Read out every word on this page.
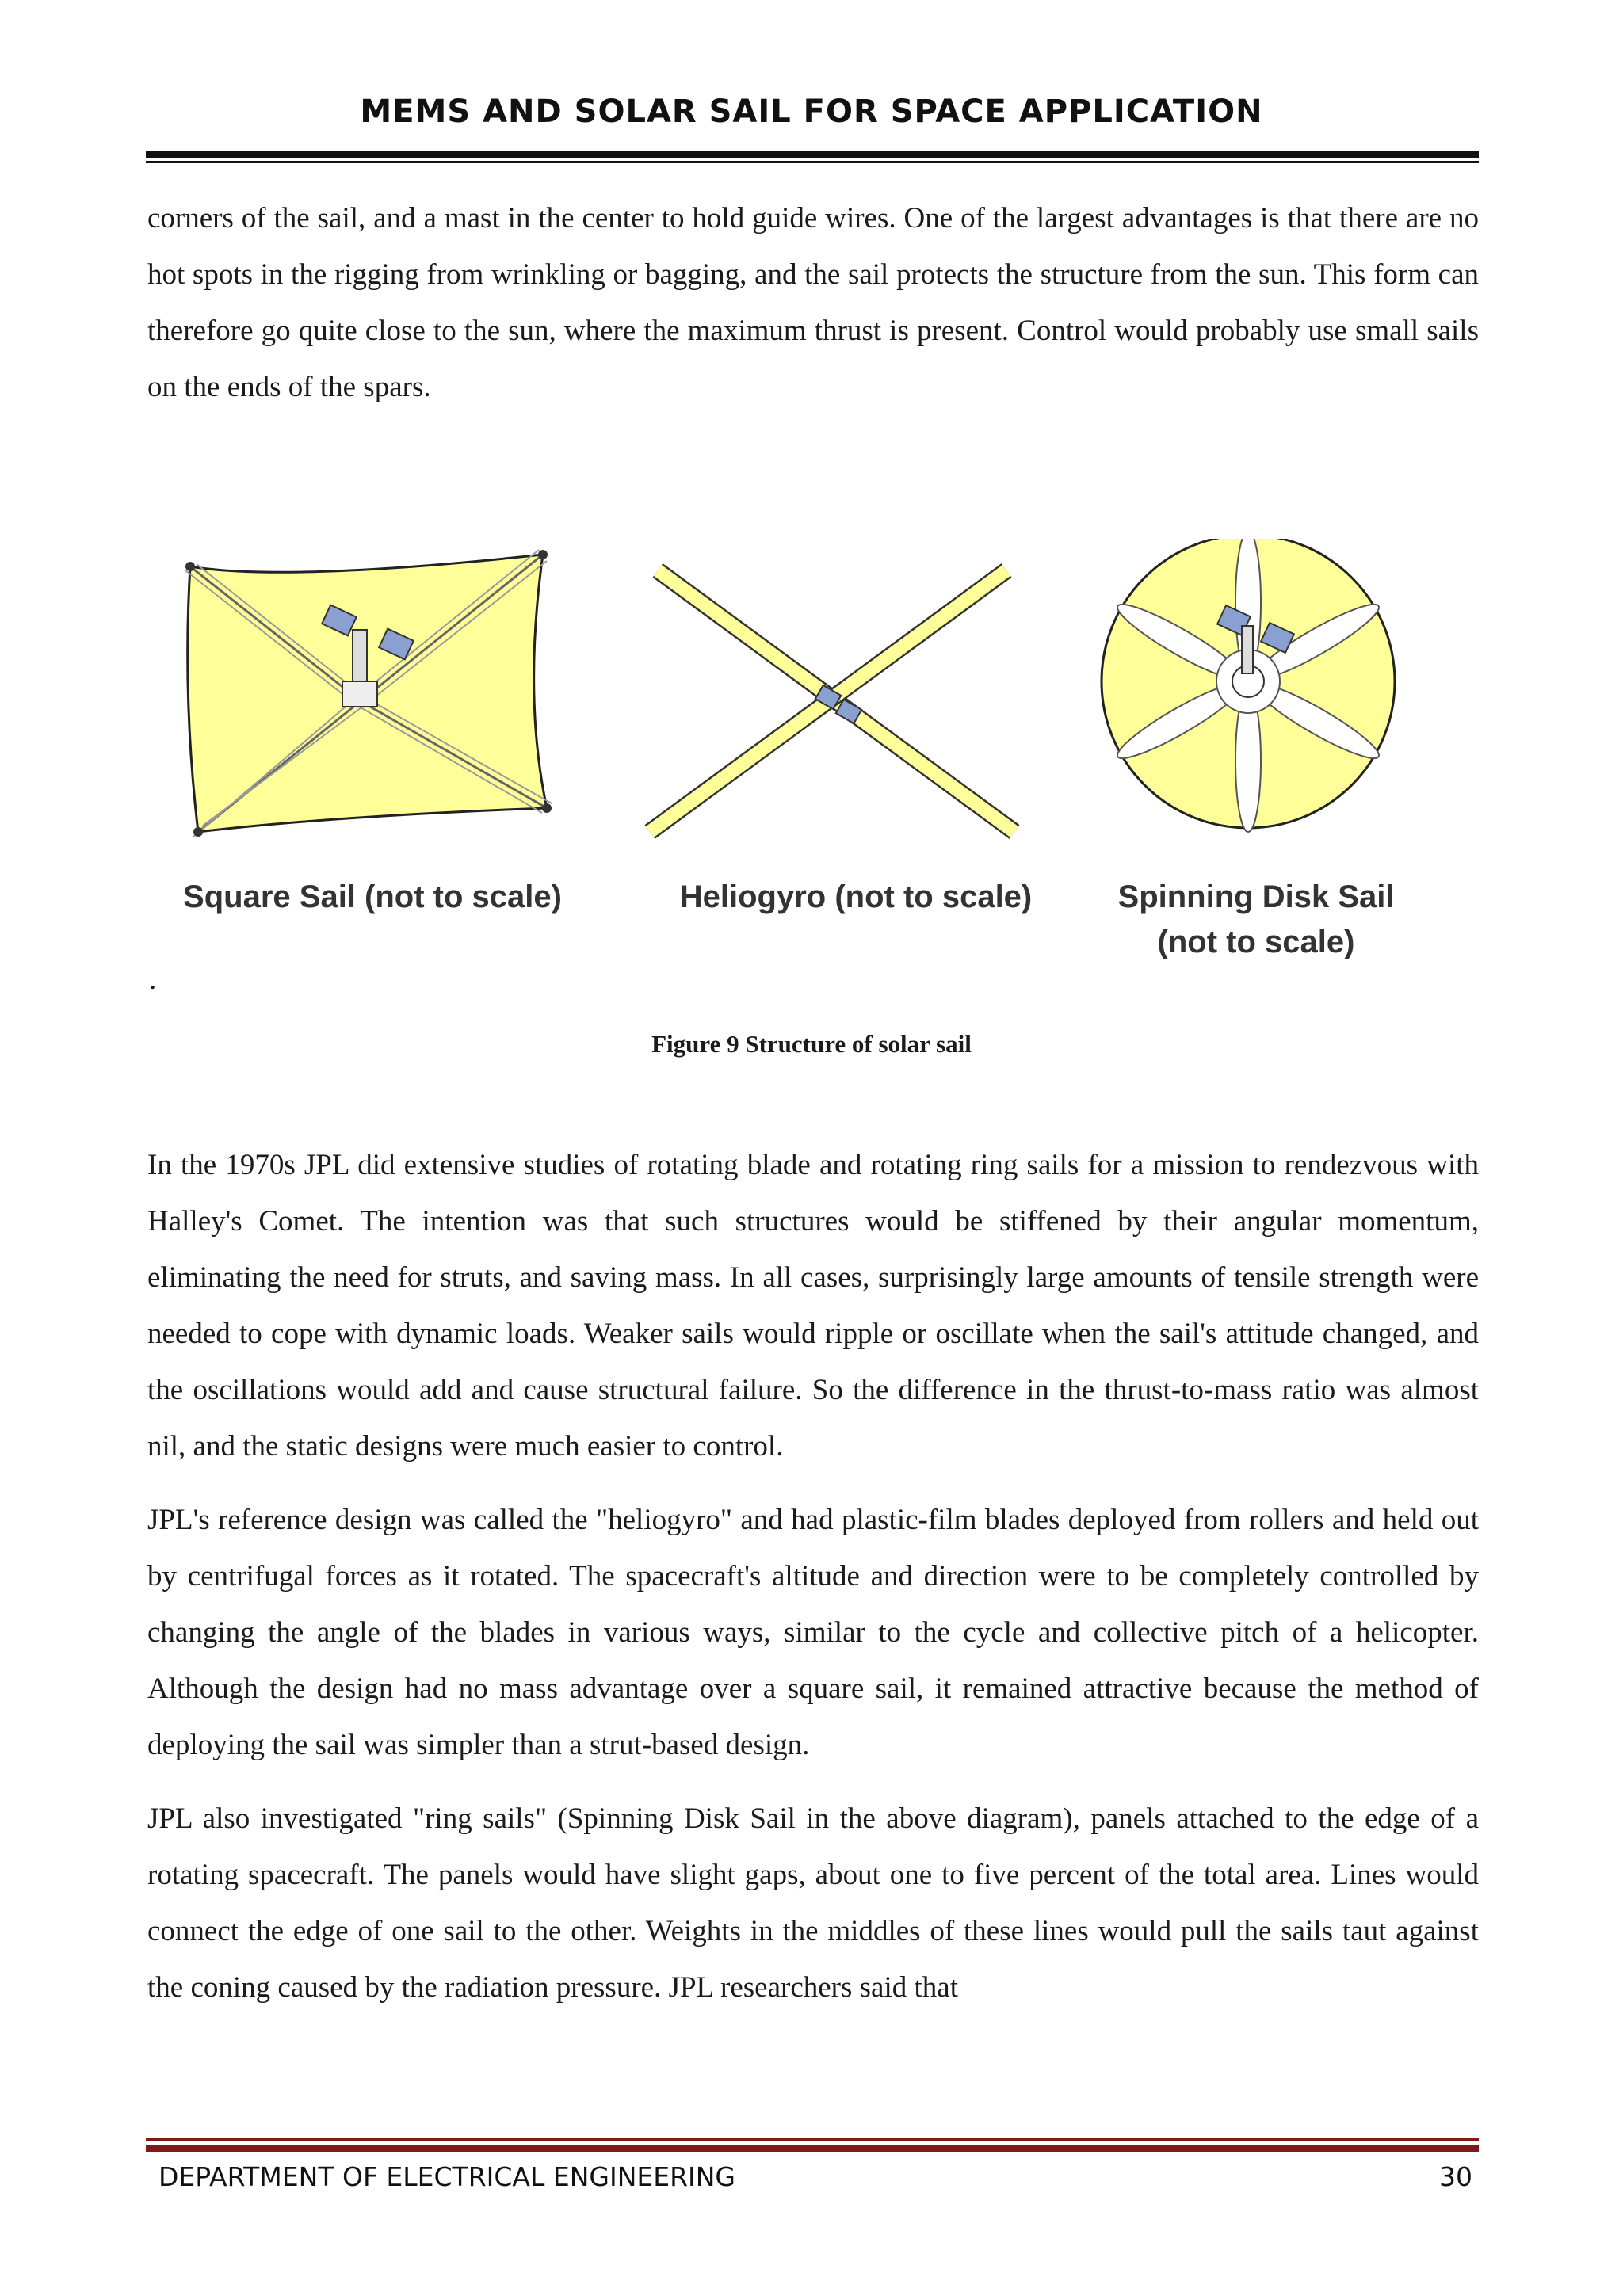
MEMS AND SOLAR SAIL FOR SPACE APPLICATION

corners of the sail, and a mast in the center to hold guide wires. One of the largest advantages is that there are no hot spots in the rigging from wrinkling or bagging, and the sail protects the structure from the sun. This form can therefore go quite close to the sun, where the maximum thrust is present. Control would probably use small sails on the ends of the spars.

Square Sail (not to scale)	Heliogyro (not to scale)	Spinning Disk Sail
(not to scale)
.
Figure 9 Structure of solar sail

In the 1970s JPL did extensive studies of rotating blade and rotating ring sails for a mission to rendezvous with Halley's Comet. The intention was that such structures would be stiffened by their angular momentum, eliminating the need for struts, and saving mass. In all cases, surprisingly large amounts of tensile strength were needed to cope with dynamic loads. Weaker sails would ripple or oscillate when the sail's attitude changed, and the oscillations would add and cause structural failure. So the difference in the thrust-to-mass ratio was almost nil, and the static designs were much easier to control.

JPL's reference design was called the "heliogyro" and had plastic-film blades deployed from rollers and held out by centrifugal forces as it rotated. The spacecraft's altitude and direction were to be completely controlled by changing the angle of the blades in various ways, similar to the cycle and collective pitch of a helicopter. Although the design had no mass advantage over a square sail, it remained attractive because the method of deploying the sail was simpler than a strut-based design.

JPL also investigated "ring sails" (Spinning Disk Sail in the above diagram), panels attached to the edge of a rotating spacecraft. The panels would have slight gaps, about one to five percent of the total area. Lines would connect the edge of one sail to the other. Weights in the middles of these lines would pull the sails taut against the coning caused by the radiation pressure. JPL researchers said that

DEPARTMENT OF ELECTRICAL ENGINEERING	30
